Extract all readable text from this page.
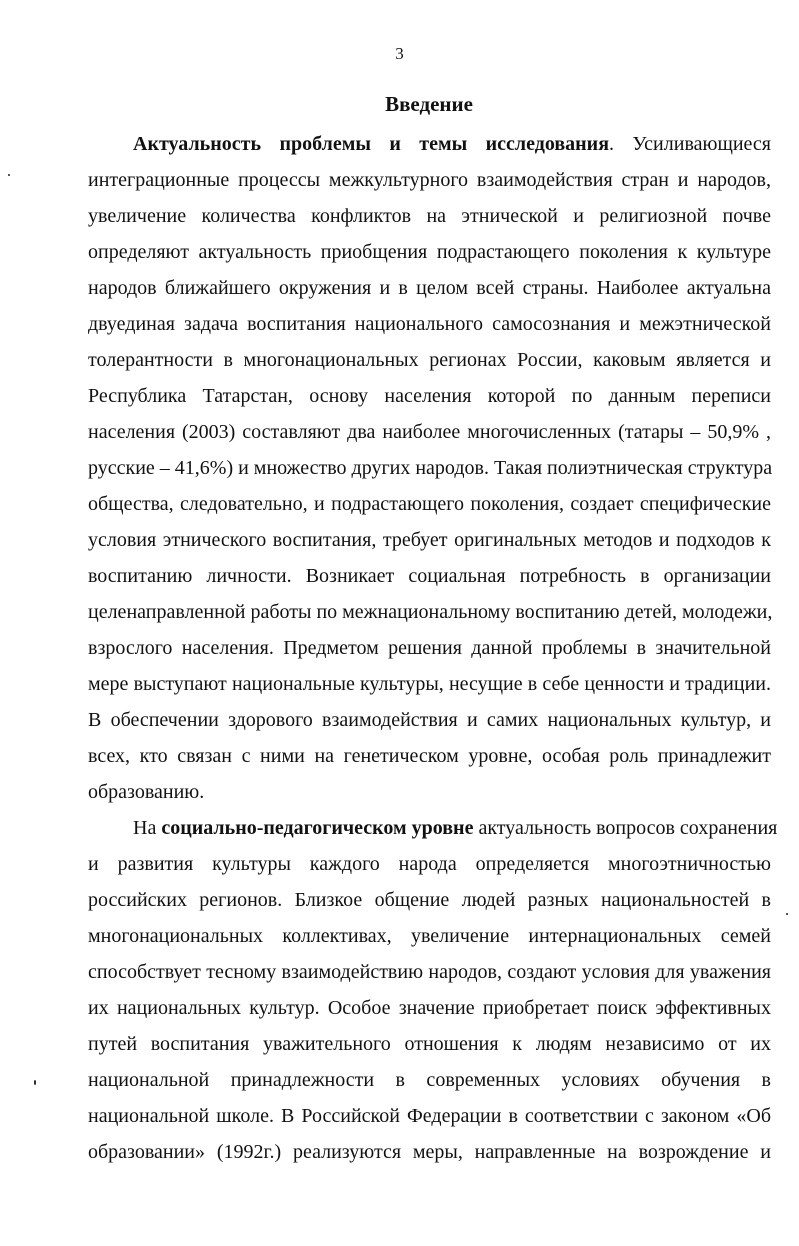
3
Введение
Актуальность проблемы и темы исследования. Усиливающиеся
интеграционные процессы межкультурного взаимодействия стран и народов,
увеличение количества конфликтов на этнической и религиозной почве
определяют актуальность приобщения подрастающего поколения к культуре
народов ближайшего окружения и в целом всей страны. Наиболее актуальна
двуединая задача воспитания национального самосознания и межэтнической
толерантности в многонациональных регионах России, каковым является и
Республика Татарстан, основу населения которой по данным переписи
населения (2003) составляют два наиболее многочисленных (татары – 50,9% ,
русские – 41,6%) и множество других народов. Такая полиэтническая структура
общества, следовательно, и подрастающего поколения, создает специфические
условия этнического воспитания, требует оригинальных методов и подходов к
воспитанию личности. Возникает социальная потребность в организации
целенаправленной работы по межнациональному воспитанию детей, молодежи,
взрослого населения. Предметом решения данной проблемы в значительной
мере выступают национальные культуры, несущие в себе ценности и традиции.
В обеспечении здорового взаимодействия и самих национальных культур, и
всех, кто связан с ними на генетическом уровне, особая роль принадлежит
образованию.
На социально-педагогическом уровне актуальность вопросов сохранения
и развития культуры каждого народа определяется многоэтничностью
российских регионов. Близкое общение людей разных национальностей в
многонациональных коллективах, увеличение интернациональных семей
способствует тесному взаимодействию народов, создают условия для уважения
их национальных культур. Особое значение приобретает поиск эффективных
путей воспитания уважительного отношения к людям независимо от их
национальной принадлежности в современных условиях обучения в
национальной школе. В Российской Федерации в соответствии с законом «Об
образовании» (1992г.) реализуются меры, направленные на возрождение и
